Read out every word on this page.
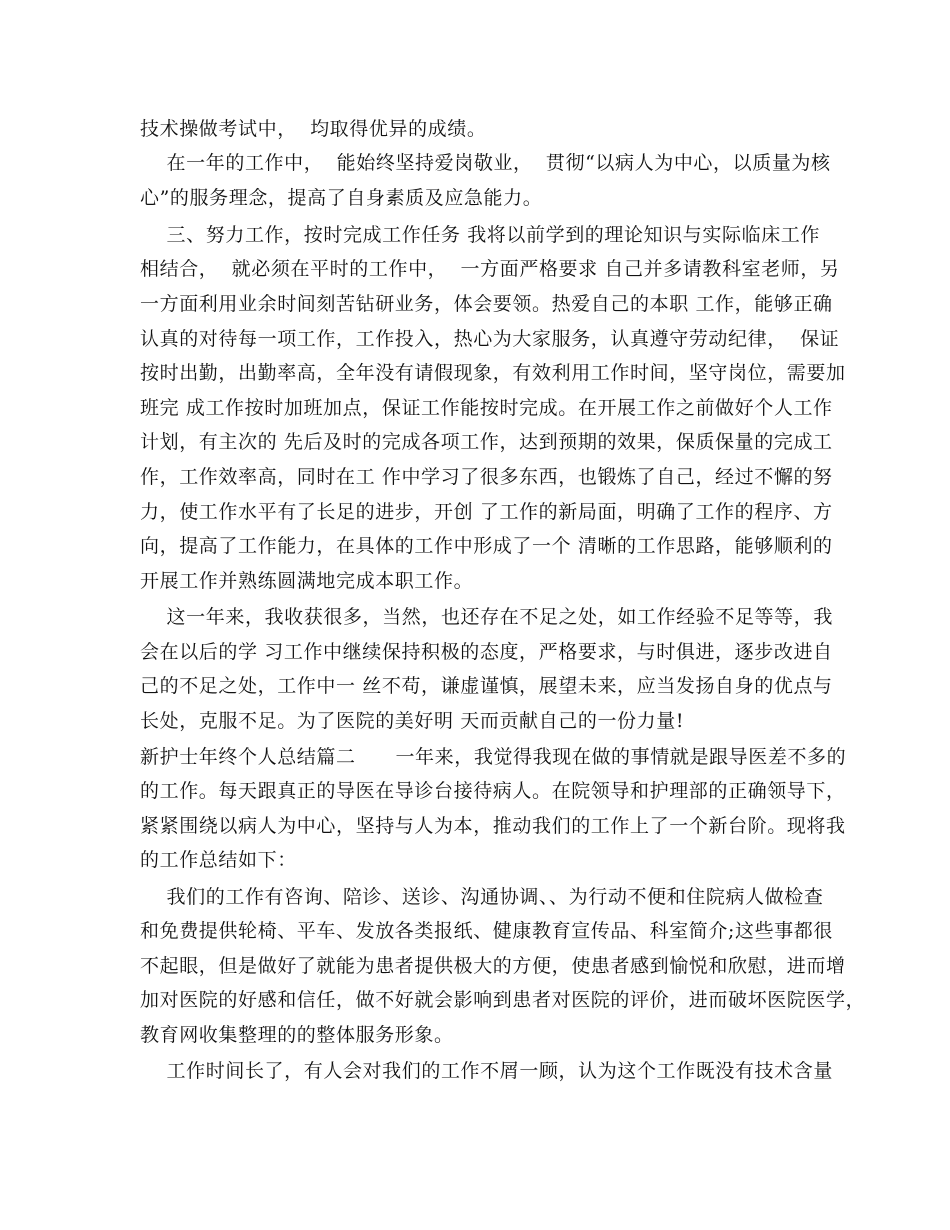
技术操做考试中，  均取得优异的成绩。
在一年的工作中，  能始终坚持爱岗敬业，  贯彻“以病人为中心，以质量为核
心”的服务理念，提高了自身素质及应急能力。
三、努力工作，按时完成工作任务 我将以前学到的理论知识与实际临床工作
相结合，  就必须在平时的工作中，  一方面严格要求 自己并多请教科室老师，另
一方面利用业余时间刻苦钻研业务，体会要领。热爱自己的本职 工作，能够正确
认真的对待每一项工作，工作投入，热心为大家服务，认真遵守劳动纪律，  保证
按时出勤，出勤率高，全年没有请假现象，有效利用工作时间，坚守岗位，需要加
班完 成工作按时加班加点，保证工作能按时完成。在开展工作之前做好个人工作
计划，有主次的 先后及时的完成各项工作，达到预期的效果，保质保量的完成工
作，工作效率高，同时在工 作中学习了很多东西，也锻炼了自己，经过不懈的努
力，使工作水平有了长足的进步，开创 了工作的新局面，明确了工作的程序、方
向，提高了工作能力，在具体的工作中形成了一个 清晰的工作思路，能够顺利的
开展工作并熟练圆满地完成本职工作。
这一年来，我收获很多，当然，也还存在不足之处，如工作经验不足等等，我
会在以后的学 习工作中继续保持积极的态度，严格要求，与时俱进，逐步改进自
己的不足之处，工作中一 丝不苟，谦虚谨慎，展望未来，应当发扬自身的优点与
长处，克服不足。为了医院的美好明 天而贡献自己的一份力量!
新护士年终个人总结篇二      一年来，我觉得我现在做的事情就是跟导医差不多的
的工作。每天跟真正的导医在导诊台接待病人。在院领导和护理部的正确领导下，
紧紧围绕以病人为中心，坚持与人为本，推动我们的工作上了一个新台阶。现将我
的工作总结如下：
我们的工作有咨询、陪诊、送诊、沟通协调、、为行动不便和住院病人做检查
和免费提供轮椅、平车、发放各类报纸、健康教育宣传品、科室简介;这些事都很
不起眼，但是做好了就能为患者提供极大的方便，使患者感到愉悦和欣慰，进而增
加对医院的好感和信任，做不好就会影响到患者对医院的评价，进而破坏医院医学，
教育网收集整理的的整体服务形象。
工作时间长了，有人会对我们的工作不屑一顾，认为这个工作既没有技术含量
